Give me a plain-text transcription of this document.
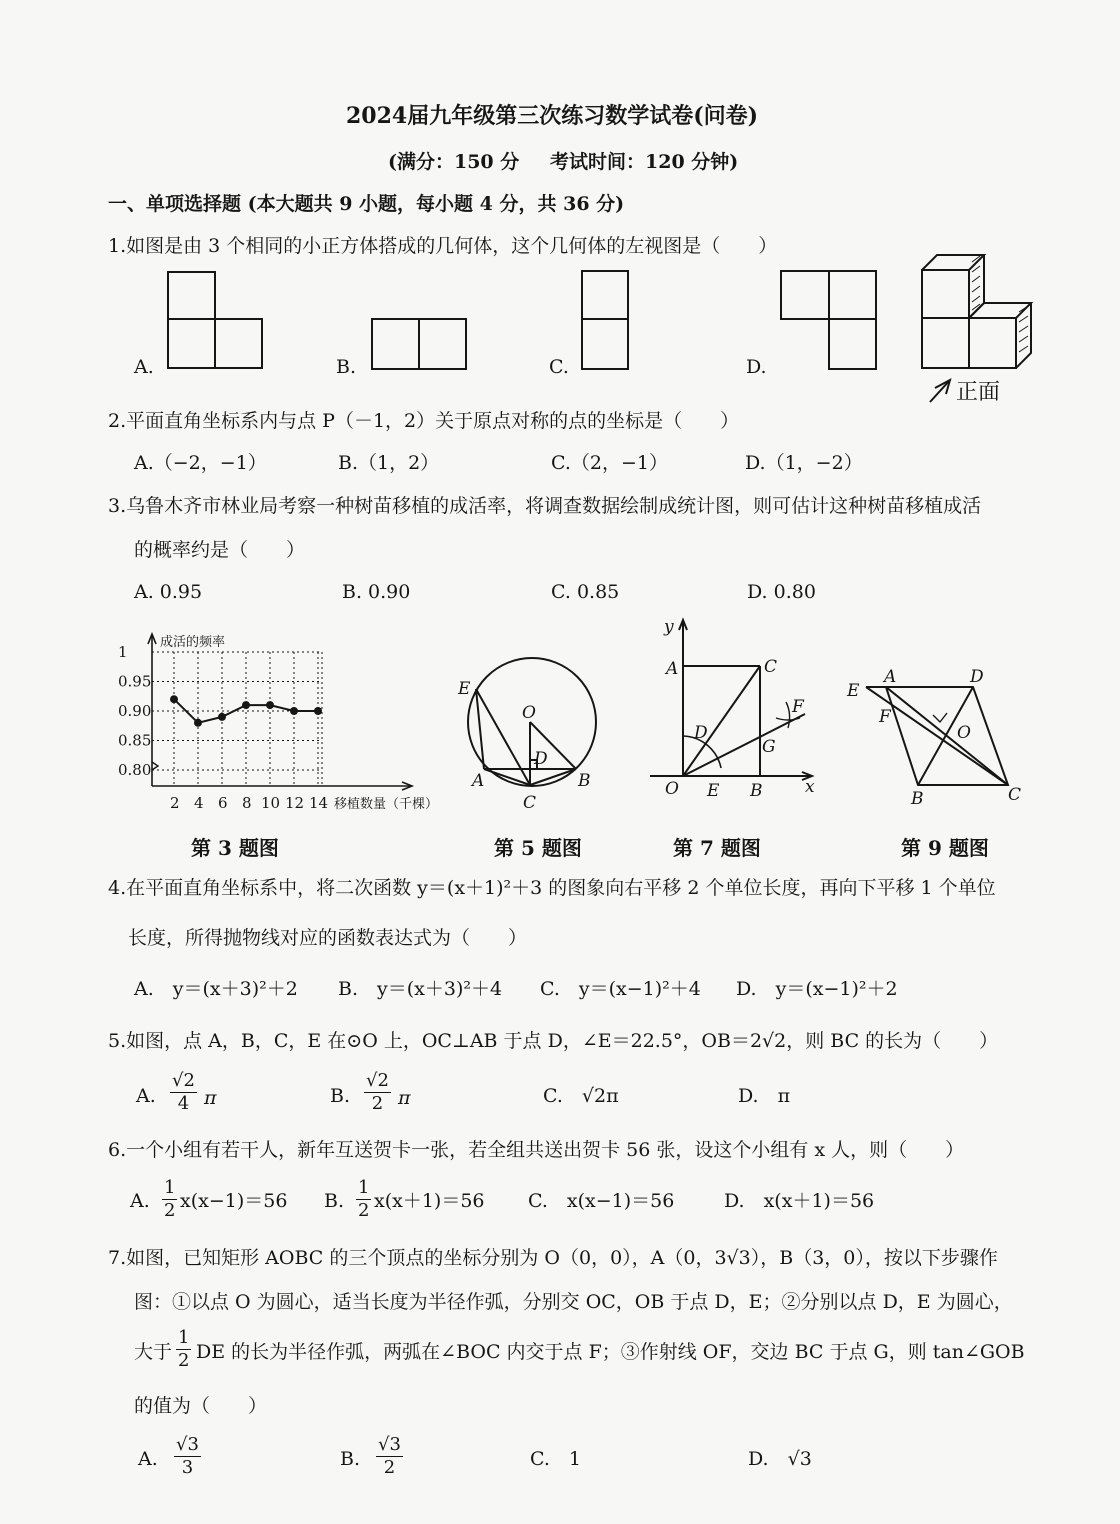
2024届九年级第三次练习数学试卷(问卷)
(满分：150 分 考试时间：120 分钟)
一、单项选择题 (本大题共 9 小题，每小题 4 分，共 36 分)
1.如图是由 3 个相同的小正方体搭成的几何体，这个几何体的左视图是（　　）
A.	B.	C.	D.
正面
2.平面直角坐标系内与点 P（－1，2）关于原点对称的点的坐标是（　　）
A.（−2，−1）	B.（1，2）	C.（2，−1）	D.（1，−2）
3.乌鲁木齐市林业局考察一种树苗移植的成活率，将调查数据绘制成统计图，则可估计这种树苗移植成活
的概率约是（　　）
A. 0.95	B. 0.90	C. 0.85	D. 0.80
1
0.95
0.90
0.85
0.80
2 4 6 8 10 12 14
成活的频率
移植数量（千棵）
E
O
D
A	B
C
y
A	C
D
F
G
O E B	x
E
A	D
F
O
B	C
第 3 题图	第 5 题图	第 7 题图	第 9 题图
4.在平面直角坐标系中，将二次函数 y＝(x＋1)²＋3 的图象向右平移 2 个单位长度，再向下平移 1 个单位
长度，所得抛物线对应的函数表达式为（　　）
A.　y＝(x＋3)²＋2 B.　y＝(x＋3)²＋4 C.　y＝(x−1)²＋4 D.　y＝(x−1)²＋2
5.如图，点 A，B，C，E 在⊙O 上，OC⊥AB 于点 D，∠E＝22.5°，OB＝2√2，则 BC 的长为（　　）
A. $\frac{√2}{4}$ π	B. $\frac{√2}{2}$ π	C.　√2π	D.　π
6.一个小组有若干人，新年互送贺卡一张，若全组共送出贺卡 56 张，设这个小组有 x 人，则（　　）
A. $\frac{1}{2} x(x-1)=56$ B. $\frac{1}{2} x(x+1)=56$ C.　x(x−1)＝56	D.　x(x＋1)＝56
7.如图，已知矩形 AOBC 的三个顶点的坐标分别为 O（0，0），A（0，3√3），B（3，0），按以下步骤作
图：①以点 O 为圆心，适当长度为半径作弧，分别交 OC，OB 于点 D，E；②分别以点 D，E 为圆心，
大于 $\frac{1}{2}$ DE 的长为半径作弧，两弧在∠BOC 内交于点 F；③作射线 OF，交边 BC 于点 G，则 tan∠GOB
的值为（　　）
A. $\frac{√3}{3}$	B. $\frac{√3}{2}$	C.　1	D.　√3
